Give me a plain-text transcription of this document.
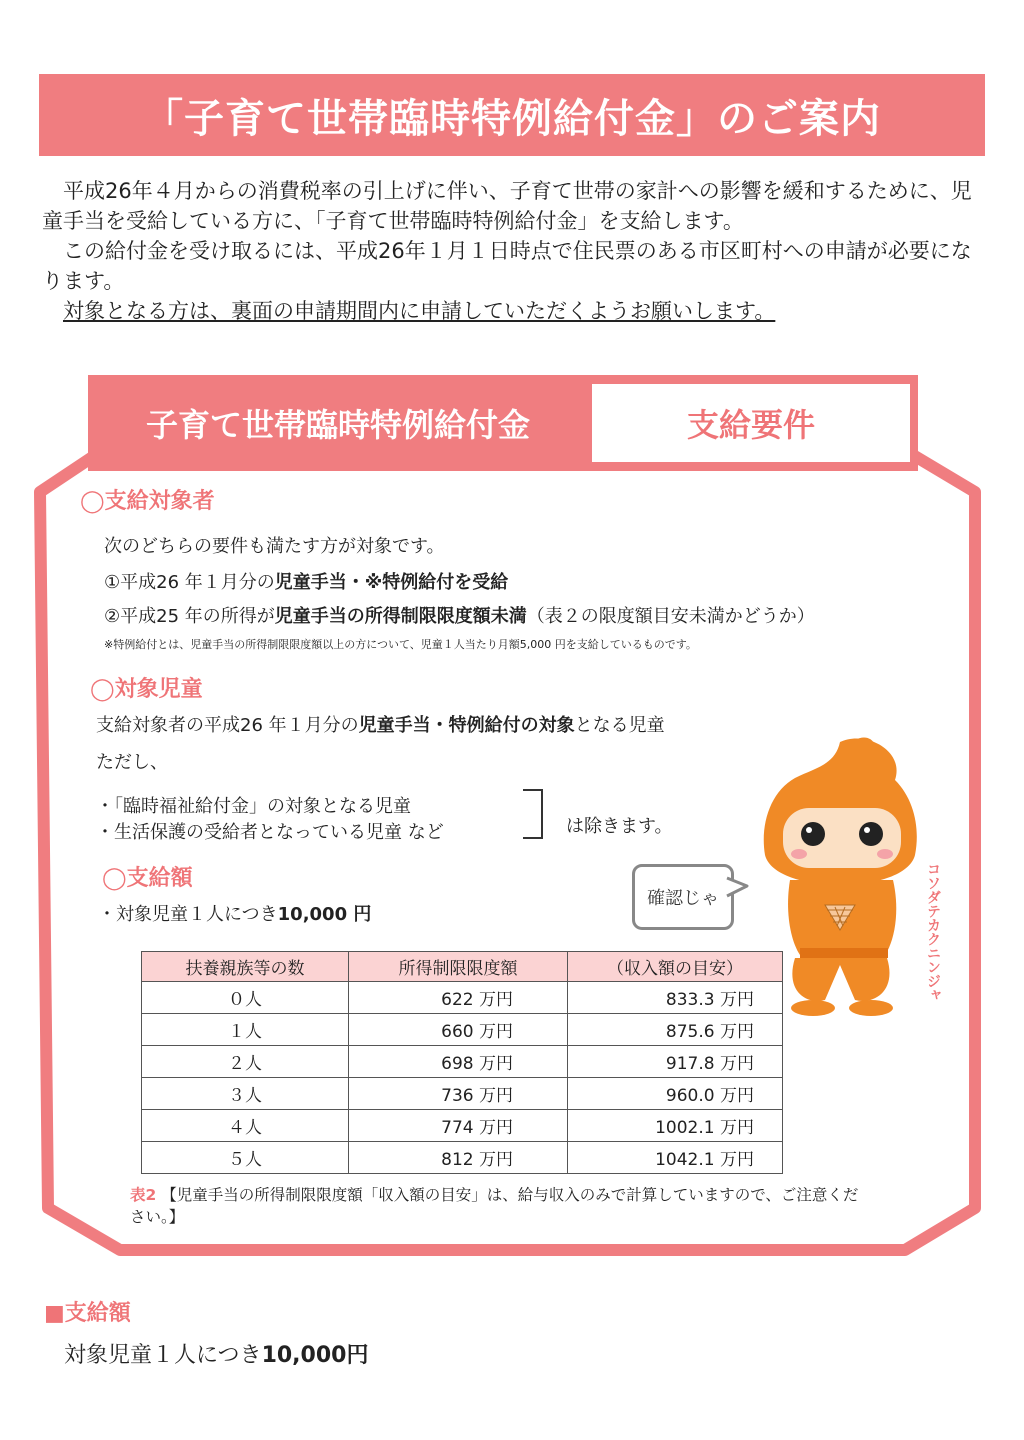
「子育て世帯臨時特例給付金」のご案内

平成26年４月からの消費税率の引上げに伴い、子育て世帯の家計への影響を緩和するために、児童手当を受給している方に、「子育て世帯臨時特例給付金」を支給します。

この給付金を受け取るには、平成26年１月１日時点で住民票のある市区町村への申請が必要になります。

対象となる方は、裏面の申請期間内に申請していただくようお願いします。

子育て世帯臨時特例給付金	支給要件
◯支給対象者
次のどちらの要件も満たす方が対象です。
①平成26 年１月分の児童手当・※特例給付を受給
②平成25 年の所得が児童手当の所得制限限度額未満（表２の限度額目安未満かどうか）
※特例給付とは、児童手当の所得制限限度額以上の方について、児童１人当たり月額5,000 円を支給しているものです。
◯対象児童
支給対象者の平成26 年１月分の児童手当・特例給付の対象となる児童
ただし、
・「臨時福祉給付金」の対象となる児童
・生活保護の受給者となっている児童 など	は除きます。
◯支給額
・対象児童１人につき10,000 円
扶養親族等の数	所得制限限度額	（収入額の目安）
０人	622 万円	833.3 万円
１人	660 万円	875.6 万円
２人	698 万円	917.8 万円
３人	736 万円	960.0 万円
４人	774 万円	1002.1 万円
５人	812 万円	1042.1 万円
表2 【児童手当の所得制限限度額「収入額の目安」は、給与収入のみで計算していますので、ご注意ください。】
確認じゃ	コソダテカクニンジャ
■支給額
対象児童１人につき10,000円
